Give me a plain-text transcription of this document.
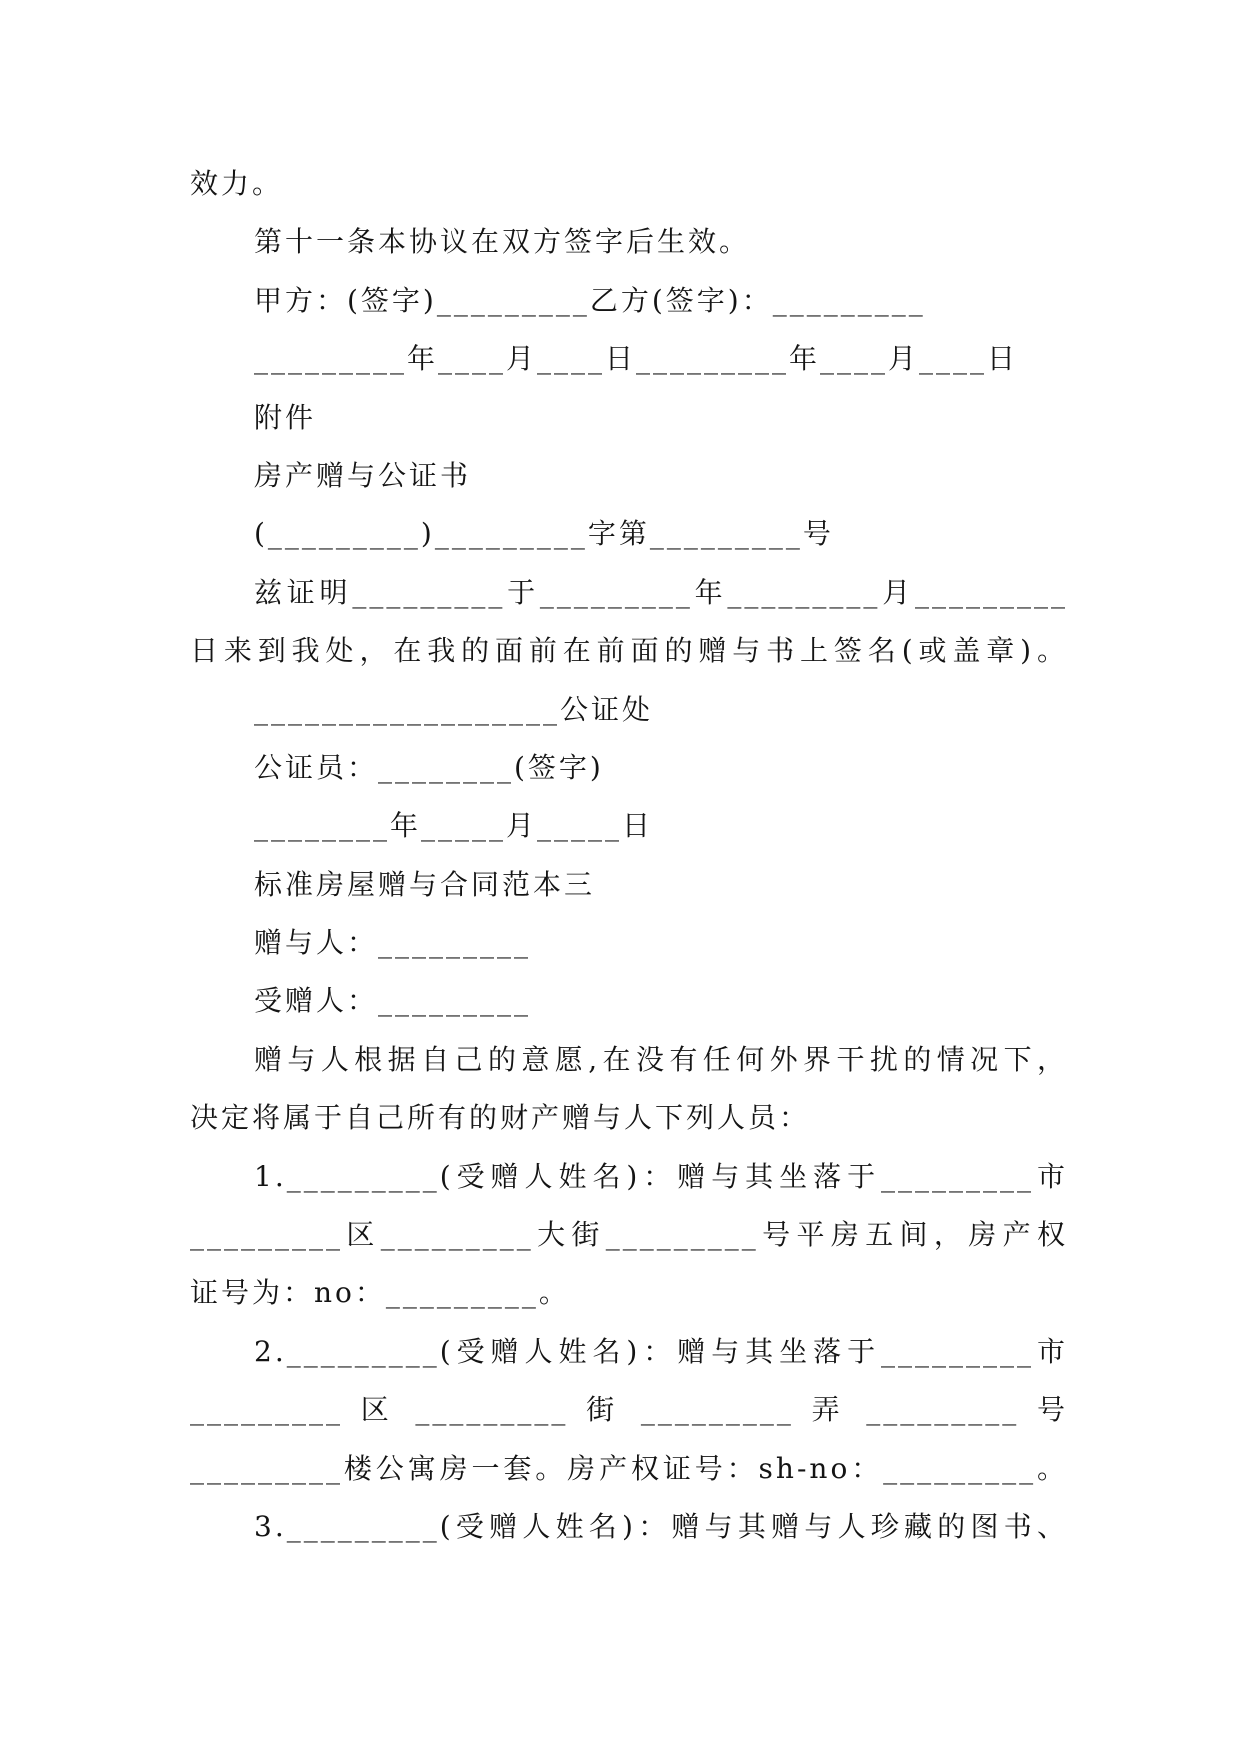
效力。
第十一条本协议在双方签字后生效。
甲方：(签字)_________乙方(签字)：_________
_________年____月____日_________年____月____日
附件
房产赠与公证书
(_________)_________字第_________号
兹证明_________于_________年_________月_________
日来到我处，在我的面前在前面的赠与书上签名(或盖章)。
__________________公证处
公证员：________(签字)
________年_____月_____日
标准房屋赠与合同范本三
赠与人：_________
受赠人：_________
赠与人根据自己的意愿,在没有任何外界干扰的情况下，
决定将属于自己所有的财产赠与人下列人员：
1._________(受赠人姓名)：赠与其坐落于_________市
_________区_________大街_________号平房五间，房产权
证号为：no：_________。
2._________(受赠人姓名)：赠与其坐落于_________市
_________ 区 _________ 街 _________ 弄 _________ 号
_________楼公寓房一套。房产权证号：sh-no：_________。
3._________(受赠人姓名)：赠与其赠与人珍藏的图书、
